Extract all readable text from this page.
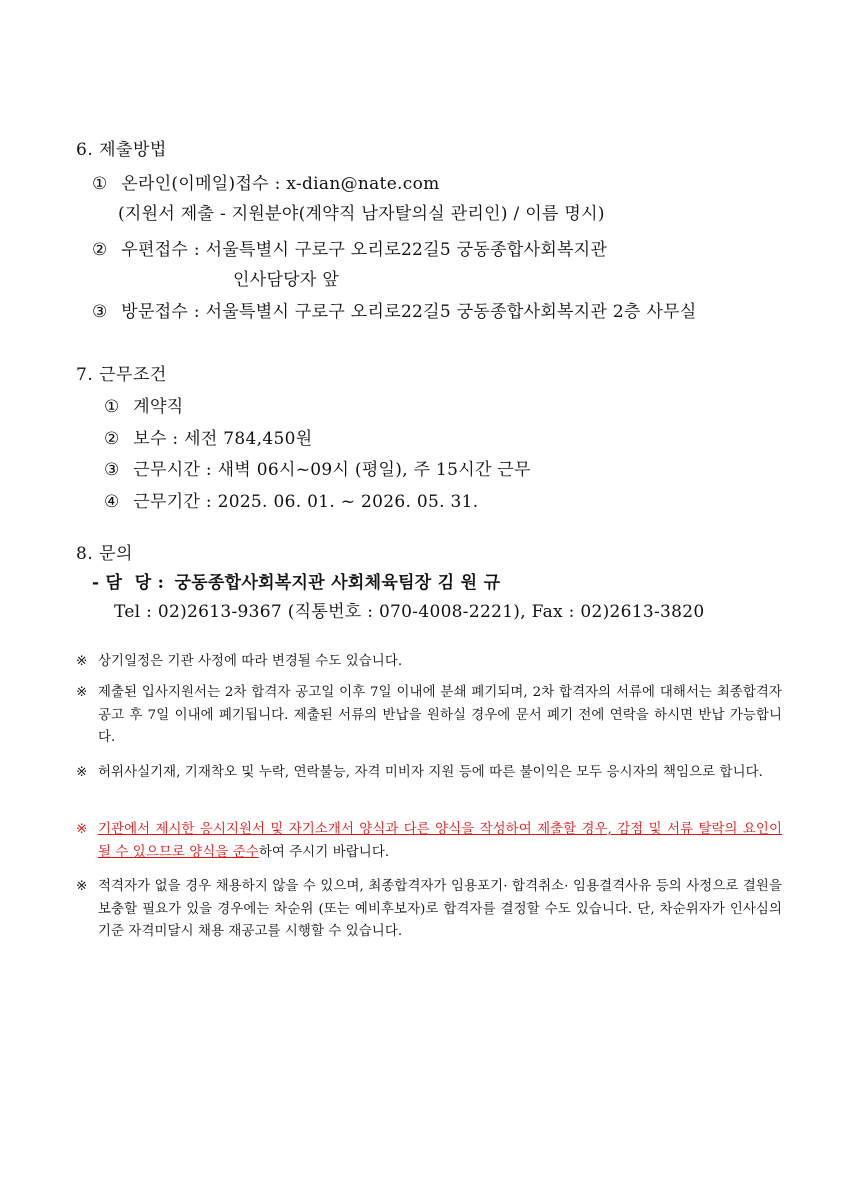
6. 제출방법
① 온라인(이메일)접수 : x-dian@nate.com
(지원서 제출 - 지원분야(계약직 남자탈의실 관리인) / 이름 명시)
② 우편접수 : 서울특별시 구로구 오리로22길5 궁동종합사회복지관
인사담당자 앞
③ 방문접수 : 서울특별시 구로구 오리로22길5 궁동종합사회복지관 2층 사무실
7. 근무조건
① 계약직
② 보수 : 세전 784,450원
③ 근무시간 : 새벽 06시~09시 (평일), 주 15시간 근무
④ 근무기간 : 2025. 06. 01. ~ 2026. 05. 31.
8. 문의
- 담  당 : 궁동종합사회복지관 사회체육팀장 김 원 규
Tel : 02)2613-9367 (직통번호 : 070-4008-2221), Fax : 02)2613-3820
※ 상기일정은 기관 사정에 따라 변경될 수도 있습니다.
※ 제출된 입사지원서는 2차 합격자 공고일 이후 7일 이내에 분쇄 폐기되며, 2차 합격자의 서류에 대해서는 최종합격자 공고 후 7일 이내에 폐기됩니다. 제출된 서류의 반납을 원하실 경우에 문서 폐기 전에 연락을 하시면 반납 가능합니다.
※ 허위사실기재, 기재착오 및 누락, 연락불능, 자격 미비자 지원 등에 따른 불이익은 모두 응시자의 책임으로 합니다.
※ 기관에서 제시한 응시지원서 및 자기소개서 양식과 다른 양식을 작성하여 제출할 경우, 감점 및 서류 탈락의 요인이 될 수 있으므로 양식을 준수하여 주시기 바랍니다.
※ 적격자가 없을 경우 채용하지 않을 수 있으며, 최종합격자가 임용포기· 합격취소· 임용결격사유 등의 사정으로 결원을 보충할 필요가 있을 경우에는 차순위 (또는 예비후보자)로 합격자를 결정할 수도 있습니다. 단, 차순위자가 인사심의 기준 자격미달시 채용 재공고를 시행할 수 있습니다.
